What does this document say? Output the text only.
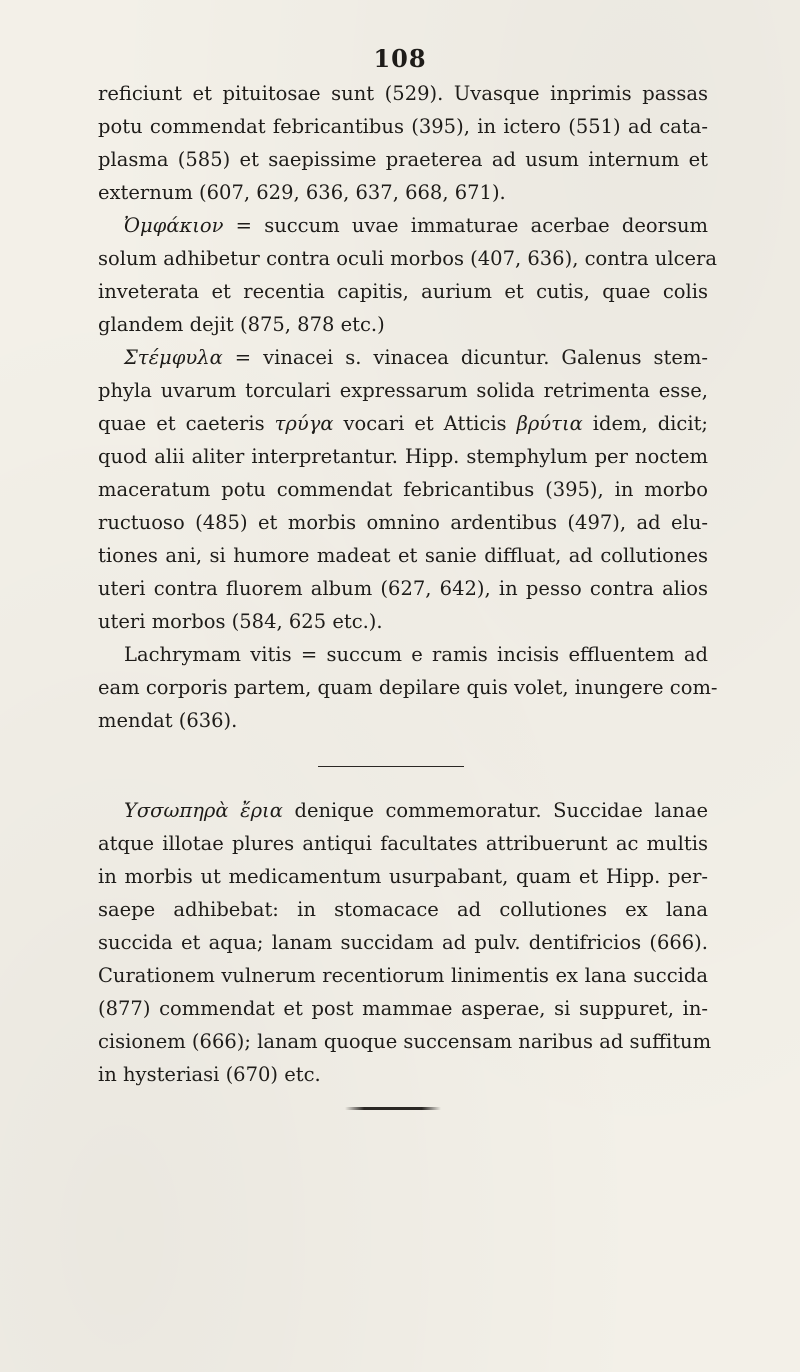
108
reficiunt et pituitosae sunt (529). Uvasque inprimis passas
potu commendat febricantibus (395), in ictero (551) ad cata-
plasma (585) et saepissime praeterea ad usum internum et
externum (607, 629, 636, 637, 668, 671).
Ὀμφάκιον = succum uvae immaturae acerbae deorsum
solum adhibetur contra oculi morbos (407, 636), contra ulcera
inveterata et recentia capitis, aurium et cutis, quae colis
glandem dejit (875, 878 etc.)
Στέμφυλα = vinacei s. vinacea dicuntur. Galenus stem-
phyla uvarum torculari expressarum solida retrimenta esse,
quae et caeteris τρύγα vocari et Atticis βρύτια idem, dicit;
quod alii aliter interpretantur. Hipp. stemphylum per noctem
maceratum potu commendat febricantibus (395), in morbo
ructuoso (485) et morbis omnino ardentibus (497), ad elu-
tiones ani, si humore madeat et sanie diffluat, ad collutiones
uteri contra fluorem album (627, 642), in pesso contra alios
uteri morbos (584, 625 etc.).
Lachrymam vitis = succum e ramis incisis effluentem ad
eam corporis partem, quam depilare quis volet, inungere com-
mendat (636).
Υσσωπηρὰ ἔρια denique commemoratur. Succidae lanae
atque illotae plures antiqui facultates attribuerunt ac multis
in morbis ut medicamentum usurpabant, quam et Hipp. per-
saepe adhibebat: in stomacace ad collutiones ex lana
succida et aqua; lanam succidam ad pulv. dentifricios (666).
Curationem vulnerum recentiorum linimentis ex lana succida
(877) commendat et post mammae asperae, si suppuret, in-
cisionem (666); lanam quoque succensam naribus ad suffitum
in hysteriasi (670) etc.
